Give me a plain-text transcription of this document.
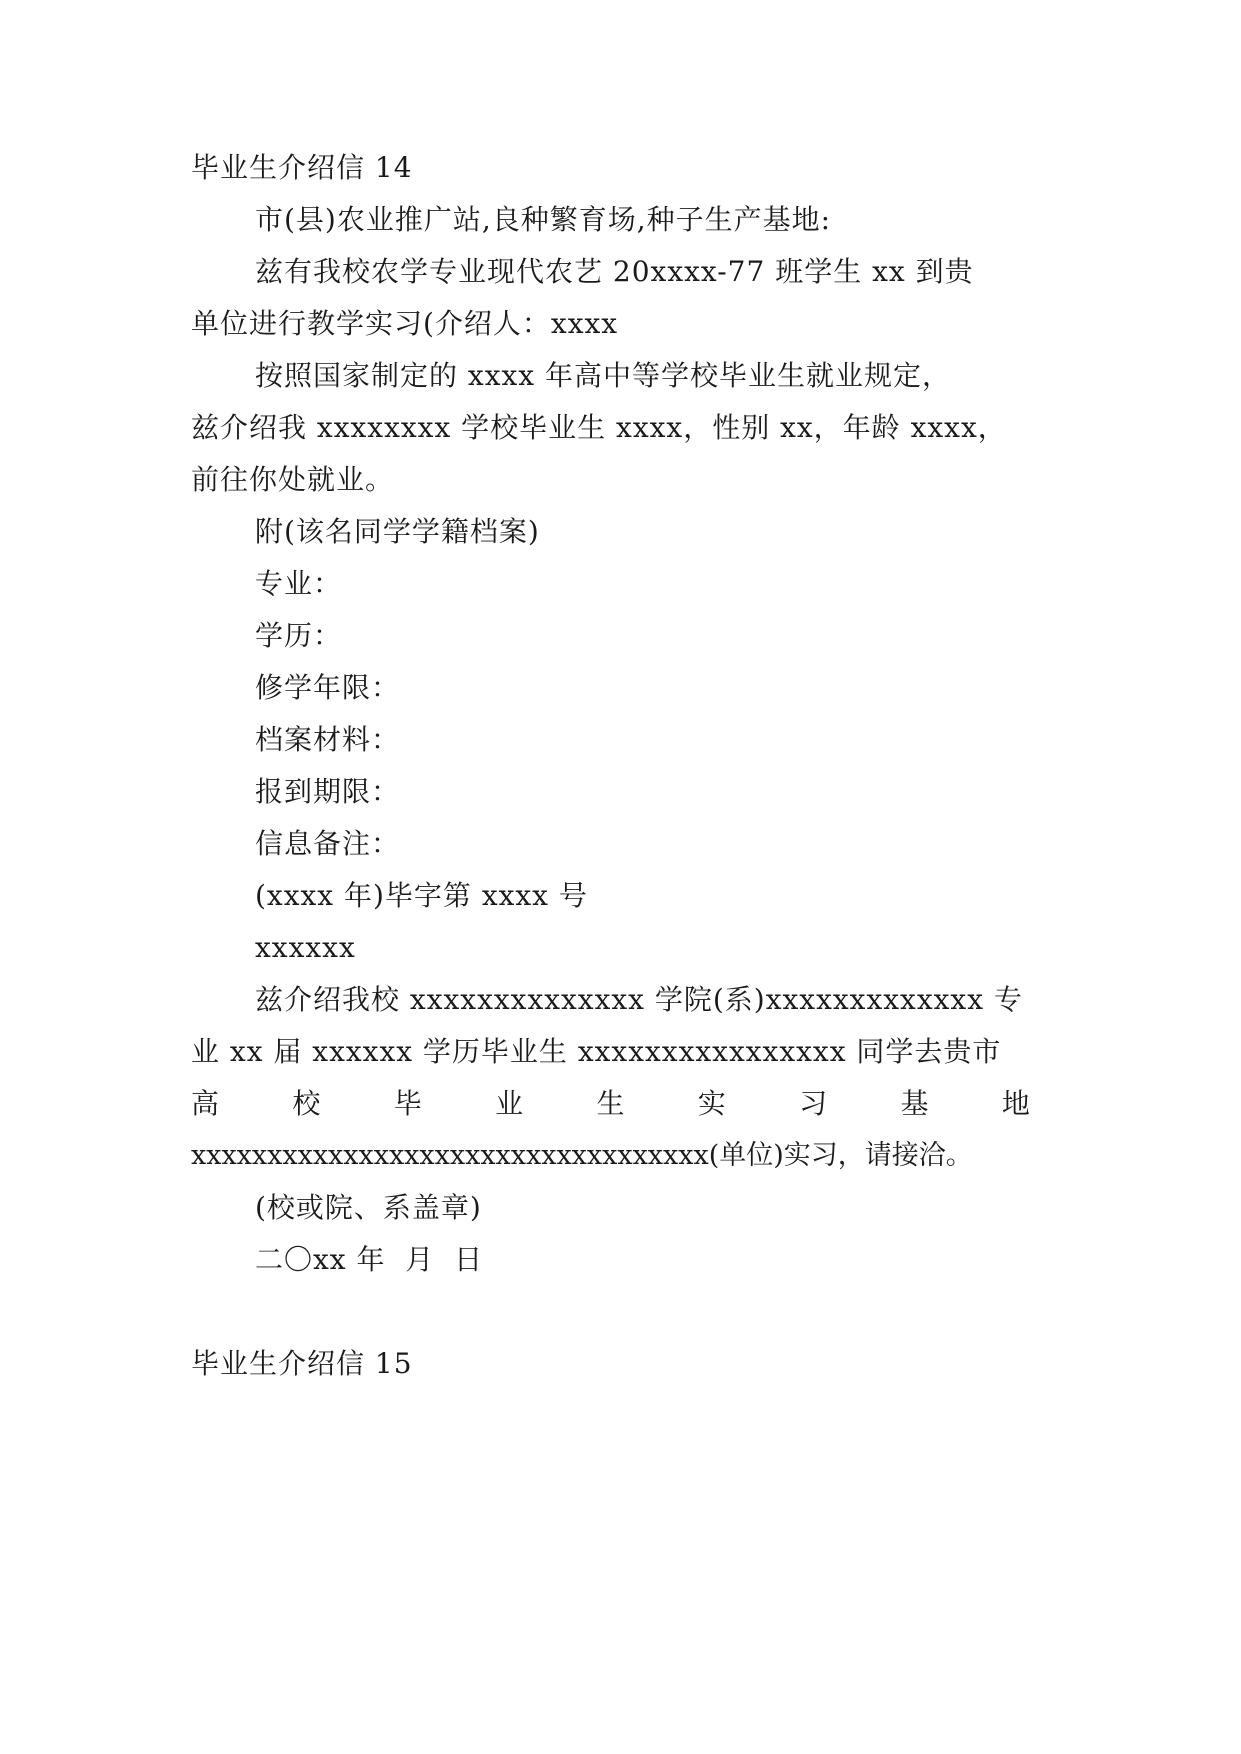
毕业生介绍信 14
市(县)农业推广站,良种繁育场,种子生产基地:
兹有我校农学专业现代农艺 20xxxx-77 班学生 xx 到贵
单位进行教学实习(介绍人：xxxx
按照国家制定的 xxxx 年高中等学校毕业生就业规定，
兹介绍我 xxxxxxxx 学校毕业生 xxxx，性别 xx，年龄 xxxx，
前往你处就业。
附(该名同学学籍档案)
专业：
学历：
修学年限：
档案材料：
报到期限：
信息备注：
(xxxx 年)毕字第 xxxx 号
xxxxxx
兹介绍我校 xxxxxxxxxxxxxx 学院(系)xxxxxxxxxxxxx 专
业 xx 届 xxxxxx 学历毕业生 xxxxxxxxxxxxxxxx 同学去贵市
高	校	毕	业	生	实	习	基	地
xxxxxxxxxxxxxxxxxxxxxxxxxxxxxxxxxx(单位)实习，请接洽。
(校或院、系盖章)
二〇xx 年  月  日
毕业生介绍信 15
